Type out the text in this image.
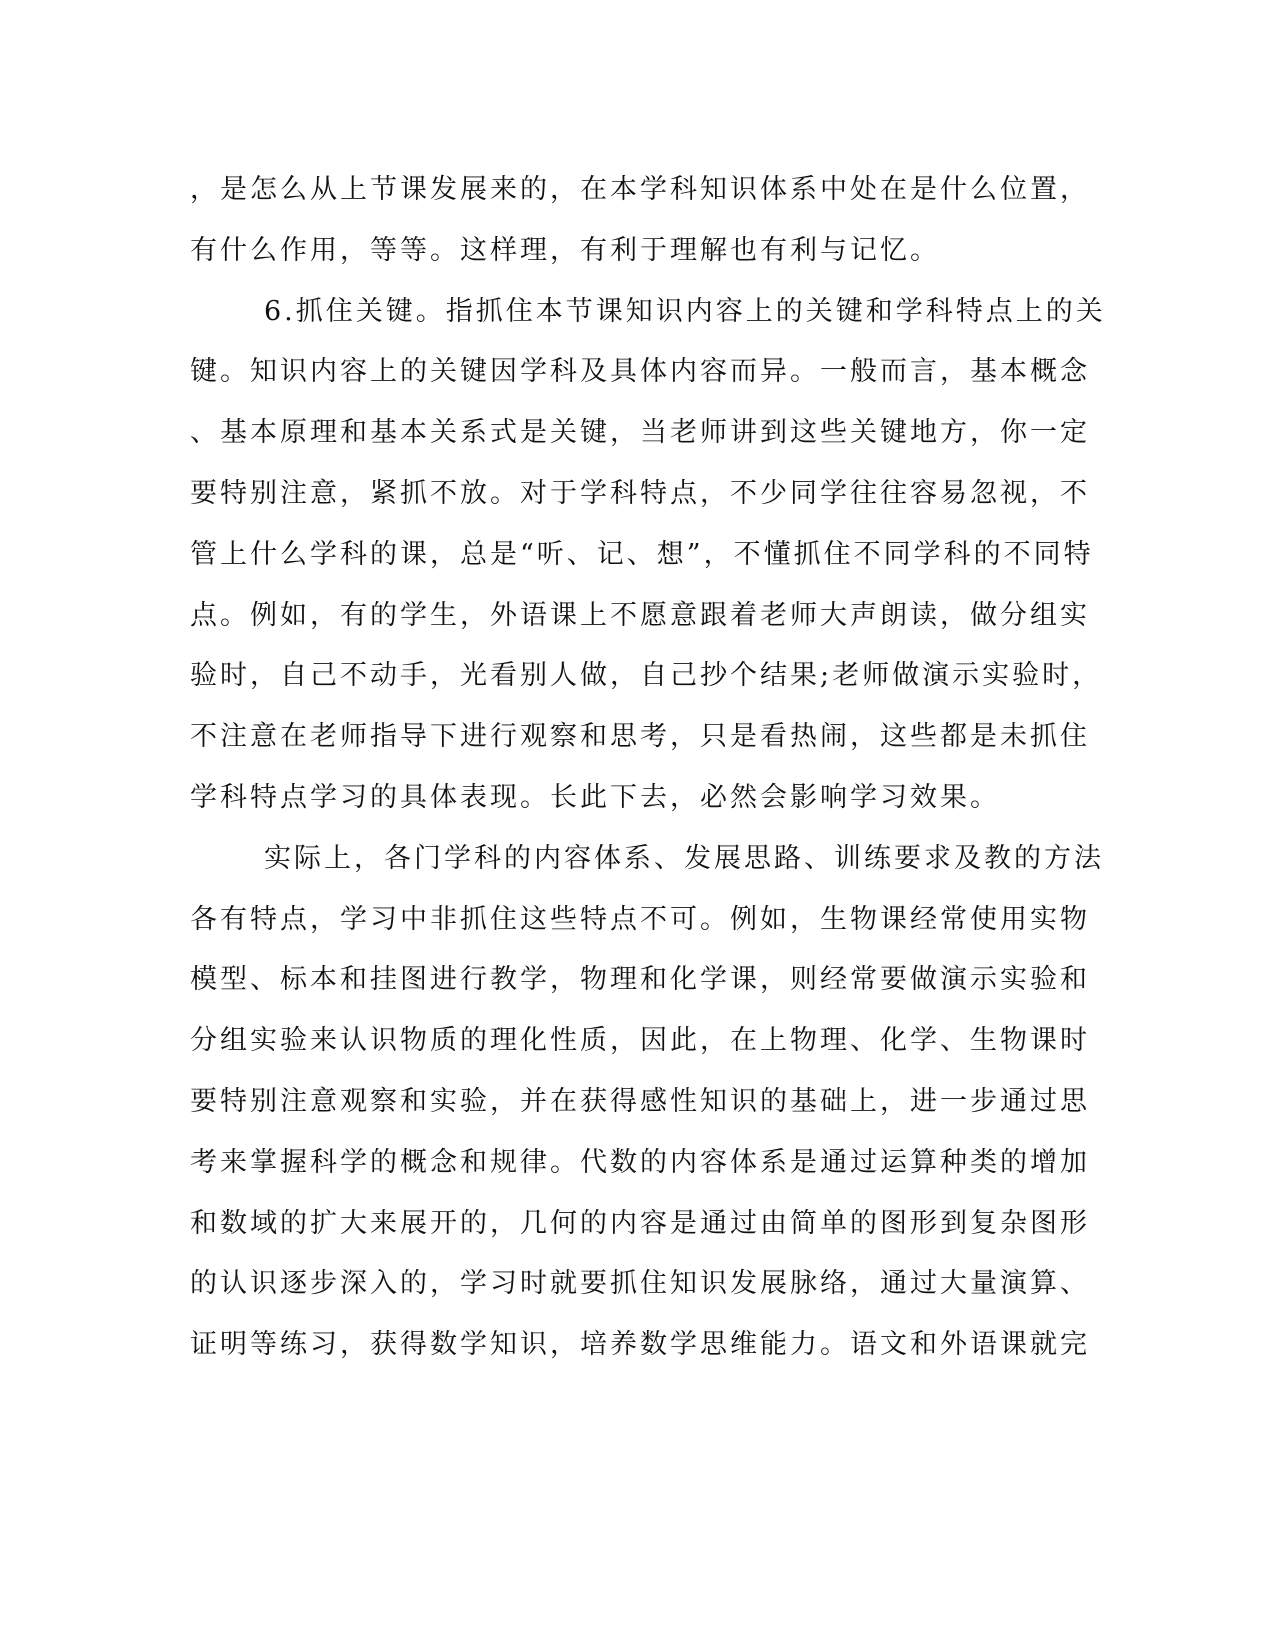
，是怎么从上节课发展来的，在本学科知识体系中处在是什么位置，
有什么作用，等等。这样理，有利于理解也有利与记忆。
6.抓住关键。指抓住本节课知识内容上的关键和学科特点上的关
键。知识内容上的关键因学科及具体内容而异。一般而言，基本概念
、基本原理和基本关系式是关键，当老师讲到这些关键地方，你一定
要特别注意，紧抓不放。对于学科特点，不少同学往往容易忽视，不
管上什么学科的课，总是“听、记、想”，不懂抓住不同学科的不同特
点。例如，有的学生，外语课上不愿意跟着老师大声朗读，做分组实
验时，自己不动手，光看别人做，自己抄个结果;老师做演示实验时，
不注意在老师指导下进行观察和思考，只是看热闹，这些都是未抓住
学科特点学习的具体表现。长此下去，必然会影响学习效果。
实际上，各门学科的内容体系、发展思路、训练要求及教的方法
各有特点，学习中非抓住这些特点不可。例如，生物课经常使用实物
模型、标本和挂图进行教学，物理和化学课，则经常要做演示实验和
分组实验来认识物质的理化性质，因此，在上物理、化学、生物课时
要特别注意观察和实验，并在获得感性知识的基础上，进一步通过思
考来掌握科学的概念和规律。代数的内容体系是通过运算种类的增加
和数域的扩大来展开的，几何的内容是通过由简单的图形到复杂图形
的认识逐步深入的，学习时就要抓住知识发展脉络，通过大量演算、
证明等练习，获得数学知识，培养数学思维能力。语文和外语课就完
